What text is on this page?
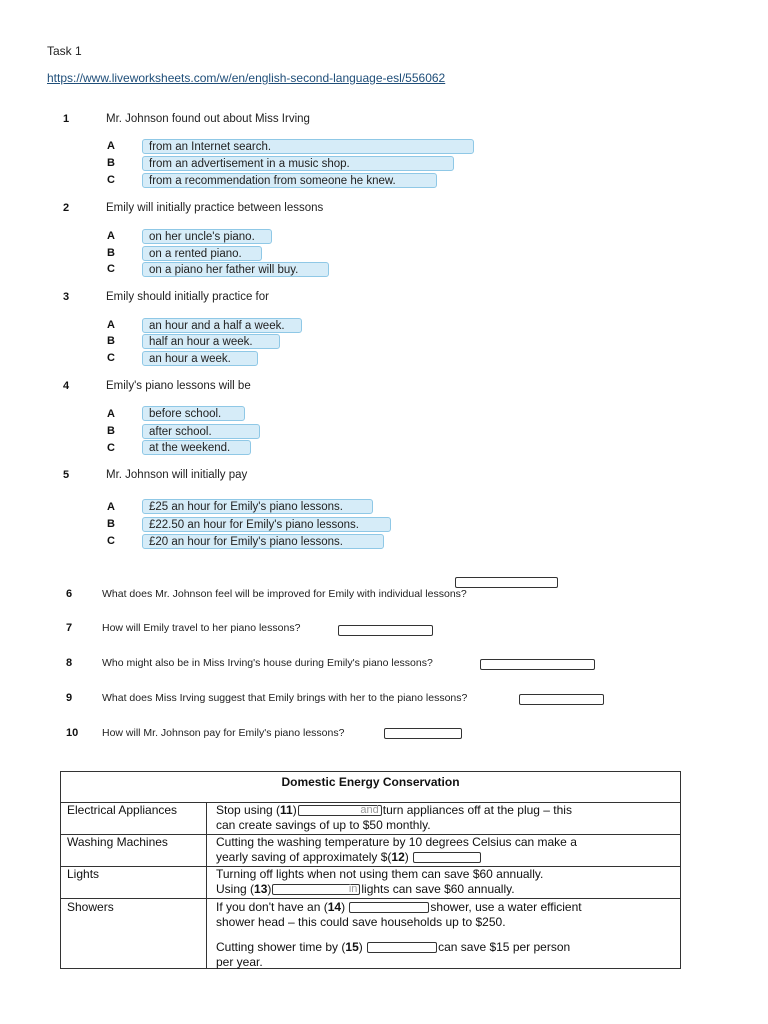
Task 1
https://www.liveworksheets.com/w/en/english-second-language-esl/556062
1	Mr. Johnson found out about Miss Irving
A	from an Internet search.
B	from an advertisement in a music shop.
C	from a recommendation from someone he knew.
2	Emily will initially practice between lessons
A	on her uncle's piano.
B	on a rented piano.
C	on a piano her father will buy.
3	Emily should initially practice for
A	an hour and a half a week.
B	half an hour a week.
C	an hour a week.
4	Emily's piano lessons will be
A	before school.
B	after school.
C	at the weekend.
5	Mr. Johnson will initially pay
A	£25 an hour for Emily's piano lessons.
B	£22.50 an hour for Emily's piano lessons.
C	£20 an hour for Emily's piano lessons.
6	What does Mr. Johnson feel will be improved for Emily with individual lessons?
7	How will Emily travel to her piano lessons?
8	Who might also be in Miss Irving's house during Emily's piano lessons?
9	What does Miss Irving suggest that Emily brings with her to the piano lessons?
10 How will Mr. Johnson pay for Emily's piano lessons?
Domestic Energy Conservation
Electrical Appliances	Stop using (11)	and turn appliances off at the plug – this
can create savings of up to $50 monthly.
Washing Machines	Cutting the washing temperature by 10 degrees Celsius can make a
yearly saving of approximately $(12)
Lights	Turning off lights when not using them can save $60 annually.
Using (13)	in lights can save $60 annually.
Showers	If you don't have an (14)	shower, use a water efficient
shower head – this could save households up to $250.
Cutting shower time by (15)	can save $15 per person
per year.
